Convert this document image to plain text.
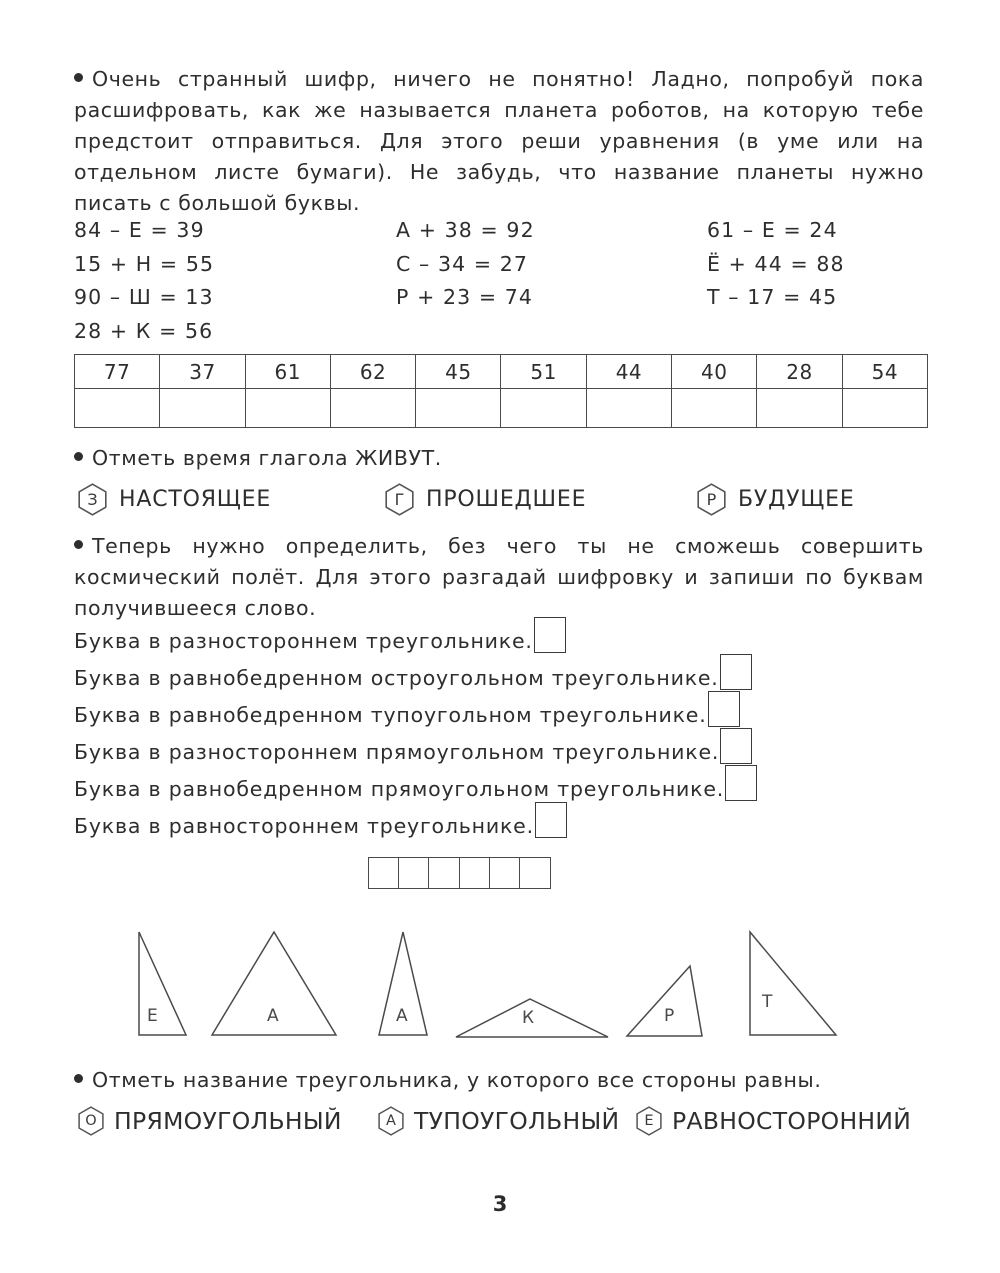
Очень странный шифр, ничего не понятно! Ладно, попробуй пока расшифровать, как же называется планета роботов, на которую тебе предстоит отправиться. Для этого реши уравнения (в уме или на отдельном листе бумаги). Не забудь, что название планеты нужно писать с большой буквы.
84 – Е = 39
15 + Н = 55
90 – Ш = 13
28 + К = 56
А + 38 = 92
С – 34 = 27
Р + 23 = 74
61 – Е = 24
Ё + 44 = 88
Т – 17 = 45
77	37	61	62	45	51	44	40	28	54

Отметь время глагола ЖИВУТ.
З НАСТОЯЩЕЕ	Г ПРОШЕДШЕЕ	Р БУДУЩЕЕ
Теперь нужно определить, без чего ты не сможешь совершить космический полёт. Для этого разгадай шифровку и запиши по буквам получившееся слово.
Буква в разностороннем треугольнике.
Буква в равнобедренном остроугольном треугольнике.
Буква в равнобедренном тупоугольном треугольнике.
Буква в разностороннем прямоугольном треугольнике.
Буква в равнобедренном прямоугольном треугольнике.
Буква в равностороннем треугольнике.
Е	А	А	К	Р
Т
Отметь название треугольника, у которого все стороны равны.
О ПРЯМОУГОЛЬНЫЙ	А ТУПОУГОЛЬНЫЙ	Е РАВНОСТОРОННИЙ
3
